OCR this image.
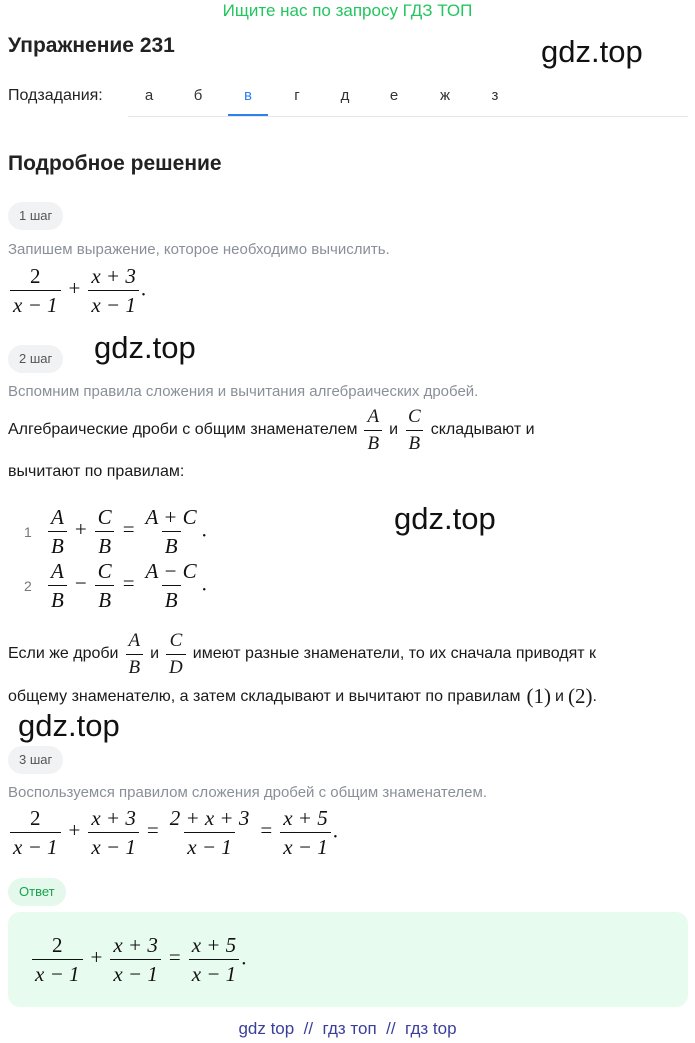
Ищите нас по запросу ГДЗ ТОП
Упражнение 231	gdz.top
Подзадания:	а	б	в	г	д	е	ж	з
Подробное решение
1 шаг
Запишем выражение, которое необходимо вычислить.
$\frac{2}{x - 1} + \frac{x + 3}{x - 1}$ .
2 шаг	gdz.top
Вспомним правила сложения и вычитания алгебраических дробей.
Алгебраические дроби с общим знаменателем $\frac{A}{B}$ и $\frac{C}{B}$ складывают и
вычитают по правилам:
$1 \frac{A}{B} + \frac{C}{B} = \frac{A + C}{B}$ .	gdz.top
$2 \frac{A}{B} - \frac{C}{B} = \frac{A - C}{B}$ .
Если же дроби $\frac{A}{B}$ и $\frac{C}{D}$ имеют разные знаменатели, то их сначала приводят к
общему знаменателю, а затем складывают и вычитают по правилам (1) и (2) .
gdz.top
3 шаг
Воспользуемся правилом сложения дробей с общим знаменателем.
$\frac{2}{x - 1} + \frac{x + 3}{x - 1} = \frac{2 + x + 3}{x - 1} = \frac{x + 5}{x - 1}$ .
Ответ
$\frac{2}{x - 1} + \frac{x + 3}{x - 1} = \frac{x + 5}{x - 1}$ .
gdz top  //  гдз топ  //  гдз top
